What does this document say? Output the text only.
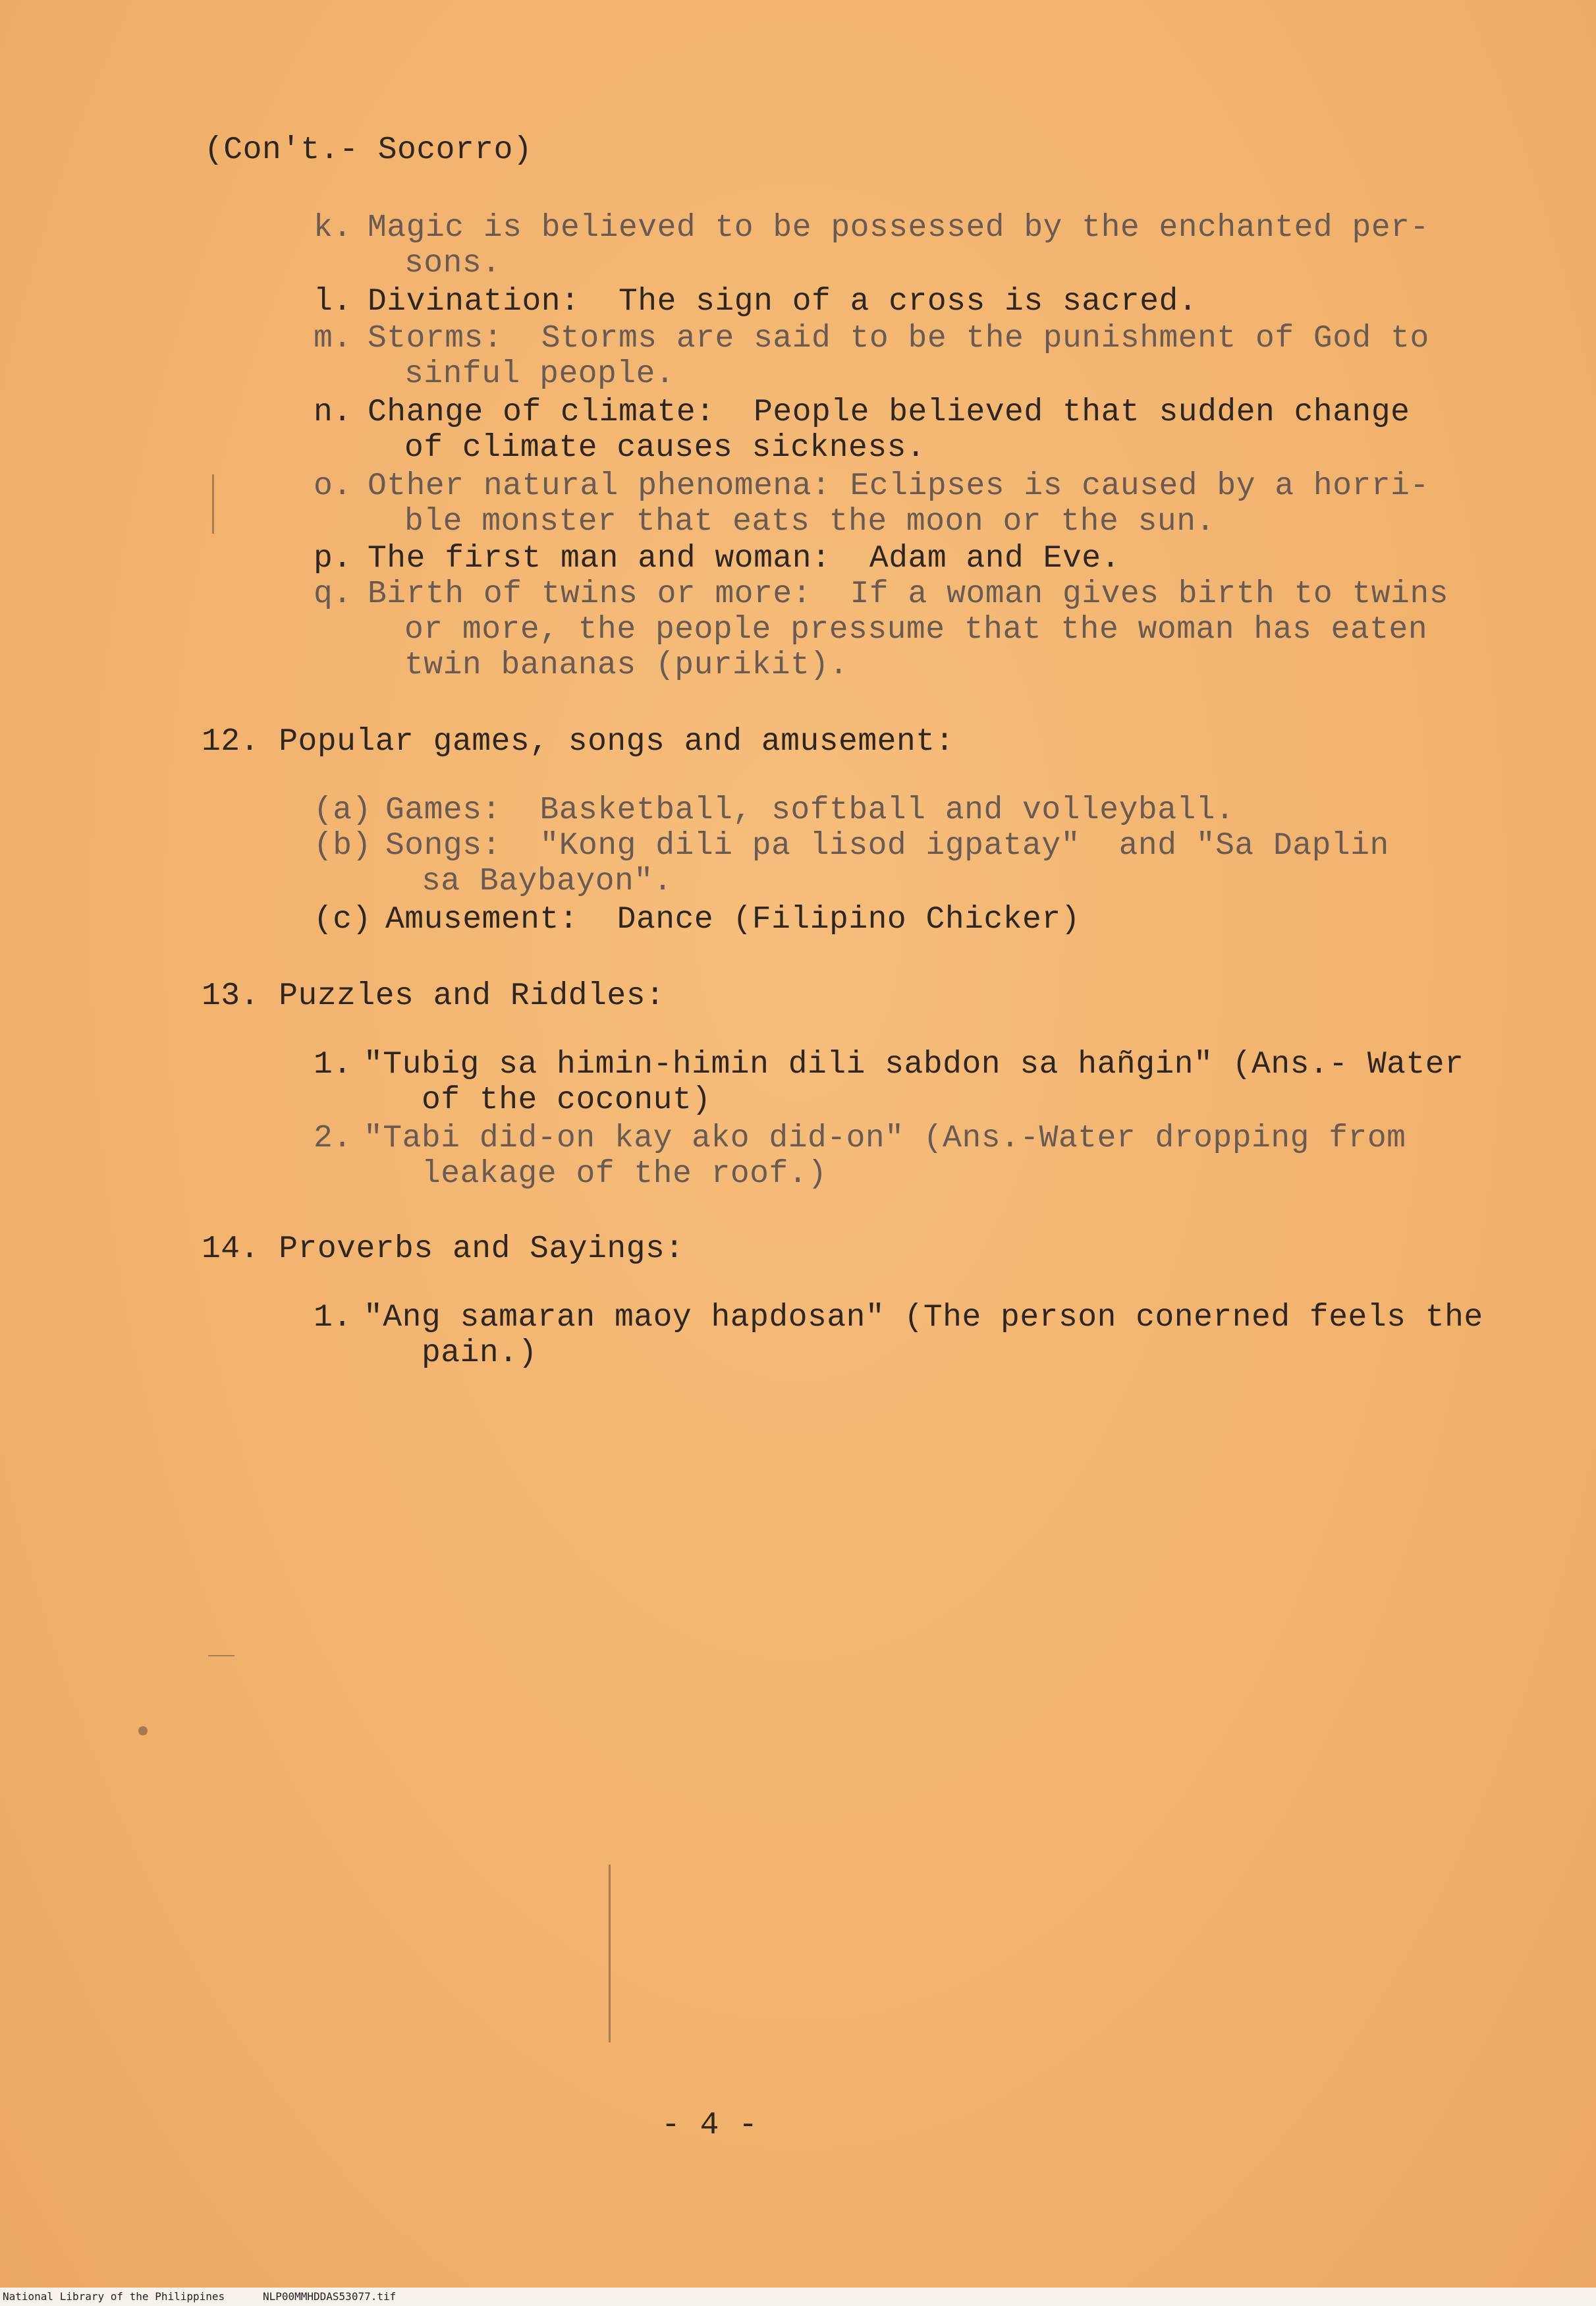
(Con't.- Socorro)
k. Magic is believed to be possessed by the enchanted per-
sons.
l. Divination:  The sign of a cross is sacred.
m. Storms:  Storms are said to be the punishment of God to
sinful people.
n. Change of climate:  People believed that sudden change
of climate causes sickness.
o. Other natural phenomena: Eclipses is caused by a horri-
ble monster that eats the moon or the sun.
p. The first man and woman:  Adam and Eve.
q. Birth of twins or more:  If a woman gives birth to twins
or more, the people pressume that the woman has eaten
twin bananas (purikit).
12. Popular games, songs and amusement:
(a) Games:  Basketball, softball and volleyball.
(b) Songs:  "Kong dili pa lisod igpatay"  and "Sa Daplin
sa Baybayon".
(c) Amusement:  Dance (Filipino Chicker)
13. Puzzles and Riddles:
1. "Tubig sa himin-himin dili sabdon sa hañgin" (Ans.- Water
of the coconut)
2. "Tabi did-on kay ako did-on" (Ans.-Water dropping from
leakage of the roof.)
14. Proverbs and Sayings:
1. "Ang samaran maoy hapdosan" (The person conerned feels the
pain.)
- 4 -
National Library of the Philippines	NLP00MMHDDAS53077.tif
